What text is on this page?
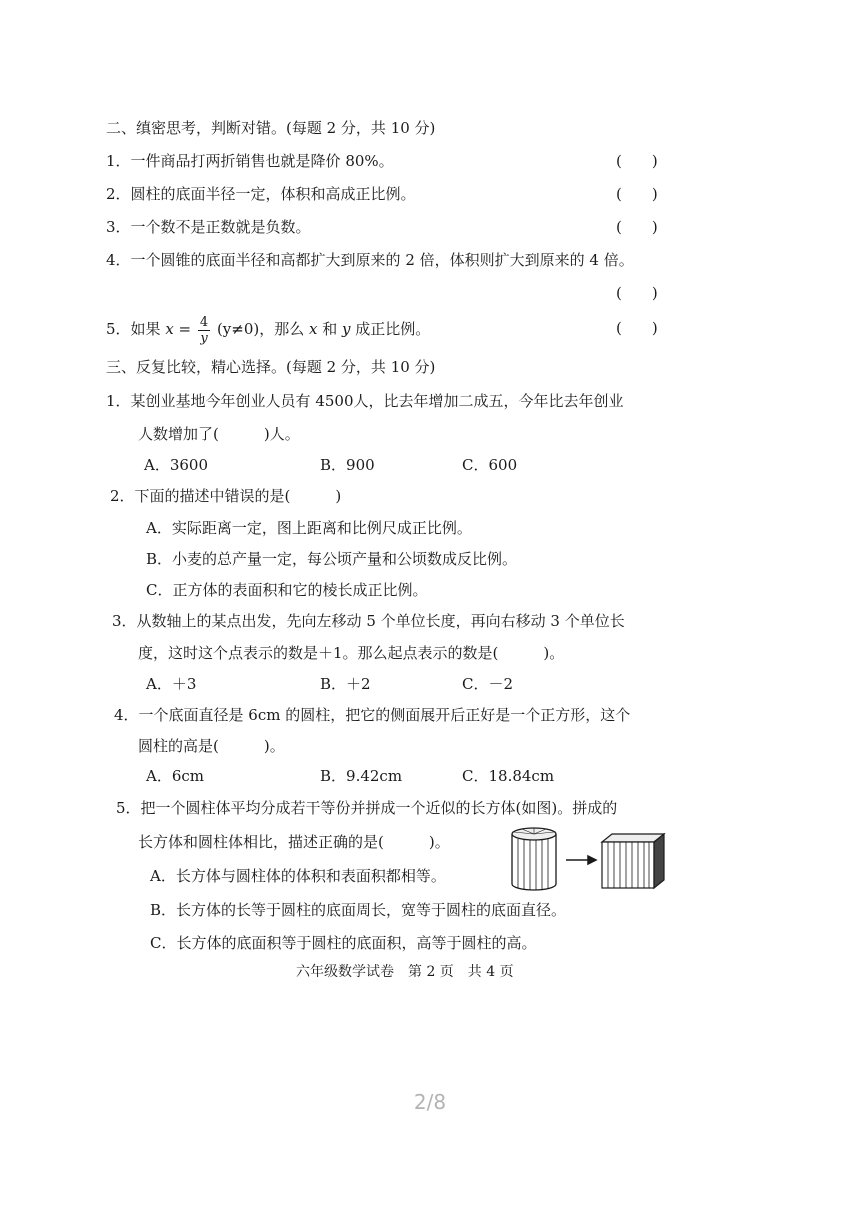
二、缜密思考，判断对错。(每题 2 分，共 10 分)
1．一件商品打两折销售也就是降价 80%。	(　　)
2．圆柱的底面半径一定，体积和高成正比例。	(　　)
3．一个数不是正数就是负数。	(　　)
4．一个圆锥的底面半径和高都扩大到原来的 2 倍，体积则扩大到原来的 4 倍。
(　　)
5．如果 $x = \frac{4}{y} (y\ne 0)$，那么 x 和 y 成正比例。	(　　)
三、反复比较，精心选择。(每题 2 分，共 10 分)
1．某创业基地今年创业人员有 4500人，比去年增加二成五，今年比去年创业
人数增加了(　　　)人。
A．3600	B．900	C．600
2．下面的描述中错误的是(　　　)
A．实际距离一定，图上距离和比例尺成正比例。
B．小麦的总产量一定，每公顷产量和公顷数成反比例。
C．正方体的表面积和它的棱长成正比例。
3．从数轴上的某点出发，先向左移动 5 个单位长度，再向右移动 3 个单位长
度，这时这个点表示的数是＋1。那么起点表示的数是(　　　)。
A．＋3	B．＋2	C．－2
4．一个底面直径是 6cm 的圆柱，把它的侧面展开后正好是一个正方形，这个
圆柱的高是(　　　)。
A．6cm	B．9.42cm	C．18.84cm
5．把一个圆柱体平均分成若干等份并拼成一个近似的长方体(如图)。拼成的
长方体和圆柱体相比，描述正确的是(　　　)。
A．长方体与圆柱体的体积和表面积都相等。
B．长方体的长等于圆柱的底面周长，宽等于圆柱的底面直径。
C．长方体的底面积等于圆柱的底面积，高等于圆柱的高。
六年级数学试卷　第 2 页　共 4 页
2/8
